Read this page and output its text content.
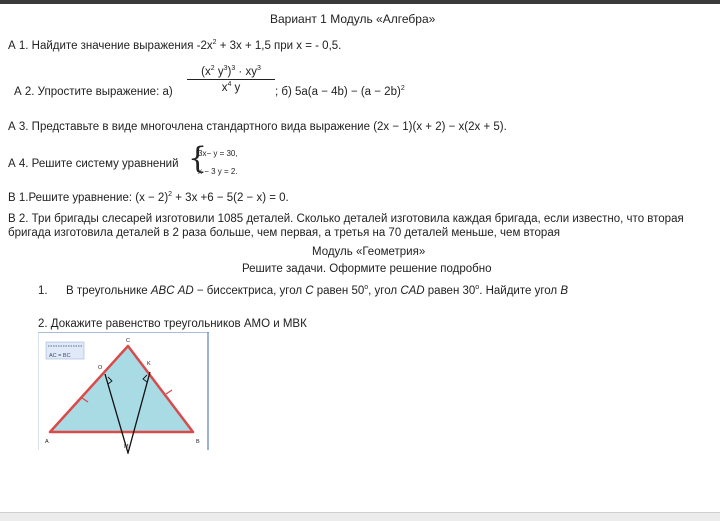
Вариант 1 Модуль «Алгебра»
А 1. Найдите значение выражения $-2x^2 + 3x + 1,5$ при x = - 0,5.
А 2. Упростите выражение: $а) \frac{(x^2 y^3)^3 \cdot xy^3}{x^4 y}$ ; б) $5a(a - 4b) - (a - 2b)^2$
А 3. Представьте в виде многочлена стандартного вида выражение (2x − 1)(x + 2) − x(2x + 5).
А 4. Решите систему уравнений {
3x− y = 30,
x − 3 y = 2.
В 1.Решите уравнение: $(x - 2)^2 + 3x +6 - 5(2 - x) = 0$.
В 2. Три бригады слесарей изготовили 1085 деталей. Сколько деталей изготовила каждая бригада, если известно, что вторая бригада изготовила деталей в 2 раза больше, чем первая, а третья на 70 деталей меньше, чем вторая
Модуль «Геометрия»
Решите задачи. Оформите решение подробно
1. В треугольнике ABC AD − биссектриса, угол C равен $50^о$, угол CAD равен $30^о$. Найдите угол B
2. Докажите равенство треугольников АМО и МВК
AC = BC
A	B
C
M
O
K
